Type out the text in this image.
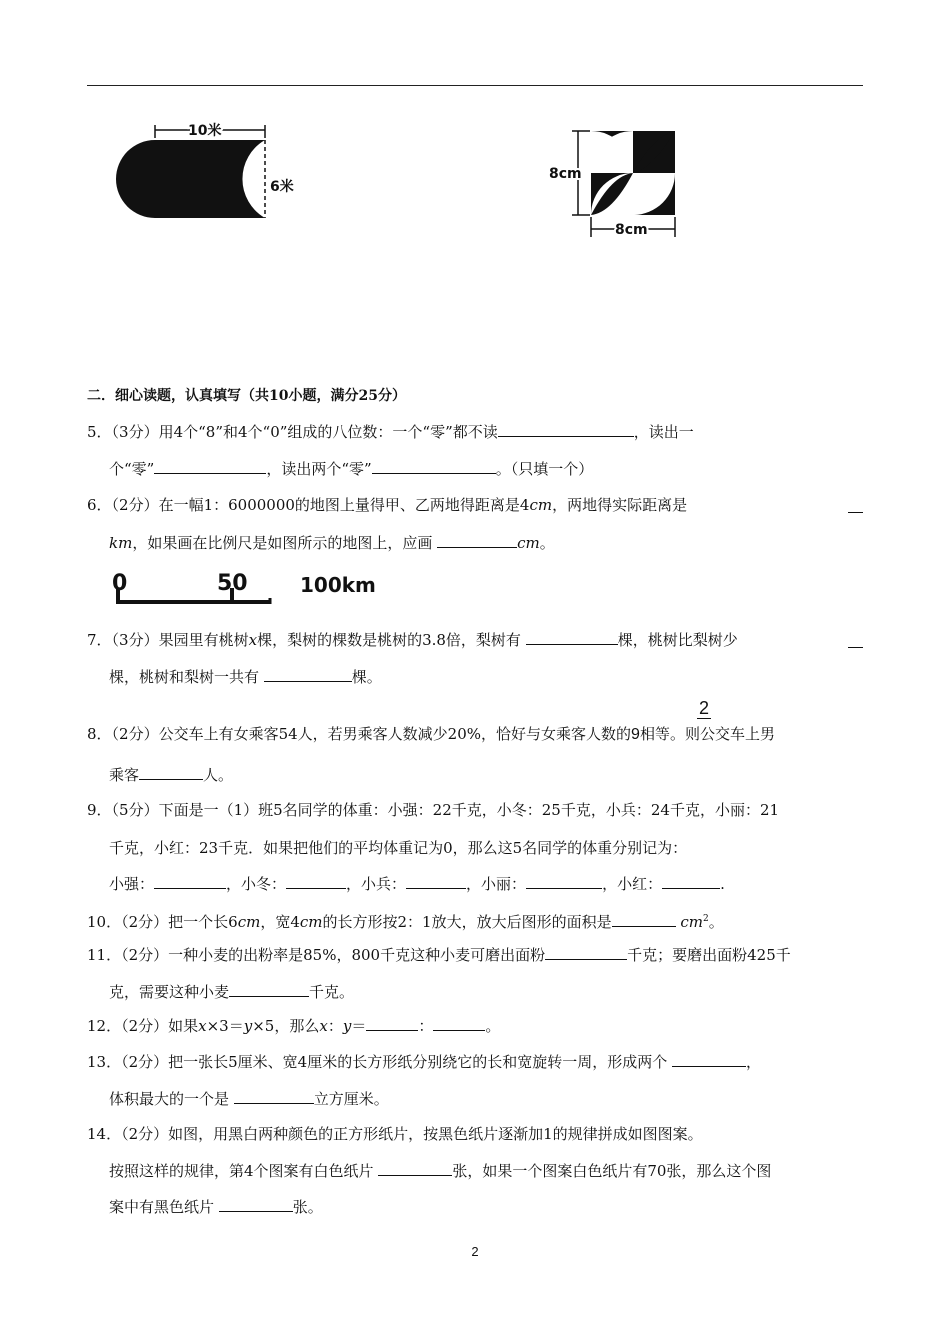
10米
6米
8cm
8cm
二．细心读题，认真填写（共10小题，满分25分）
5．（3分）用4个“8”和4个“0”组成的八位数：一个“零”都不读	，读出一
个“零”	，读出两个“零”	。（只填一个）
6．（2分）在一幅1：6000000的地图上量得甲、乙两地得距离是4cm，两地得实际距离是
km，如果画在比例尺是如图所示的地图上，应画	cm。
0	50	100km
7．（3分）果园里有桃树x棵，梨树的棵数是桃树的3.8倍，梨树有	棵，桃树比梨树少
棵，桃树和梨树一共有	棵。
2
8．（2分）公交车上有女乘客54人，若男乘客人数减少20%，恰好与女乘客人数的9相等。则公交车上男
乘客	人。
9．（5分）下面是一（1）班5名同学的体重：小强：22千克，小冬：25千克，小兵：24千克，小丽：21
千克，小红：23千克．如果把他们的平均体重记为0，那么这5名同学的体重分别记为：
小强：	，小冬：	，小兵：	，小丽：	，小红：	.
10．（2分）把一个长6cm，宽4cm的长方形按2：1放大，放大后图形的面积是	$cm^2$。
11．（2分）一种小麦的出粉率是85%，800千克这种小麦可磨出面粉	千克；要磨出面粉425千
克，需要这种小麦	千克。
12．（2分）如果x×3＝y×5，那么x：y＝	：	。
13．（2分）把一张长5厘米、宽4厘米的长方形纸分别绕它的长和宽旋转一周，形成两个	，
体积最大的一个是	立方厘米。
14．（2分）如图，用黑白两种颜色的正方形纸片，按黑色纸片逐渐加1的规律拼成如图图案。
按照这样的规律，第4个图案有白色纸片	张，如果一个图案白色纸片有70张，那么这个图
案中有黑色纸片	张。
2
